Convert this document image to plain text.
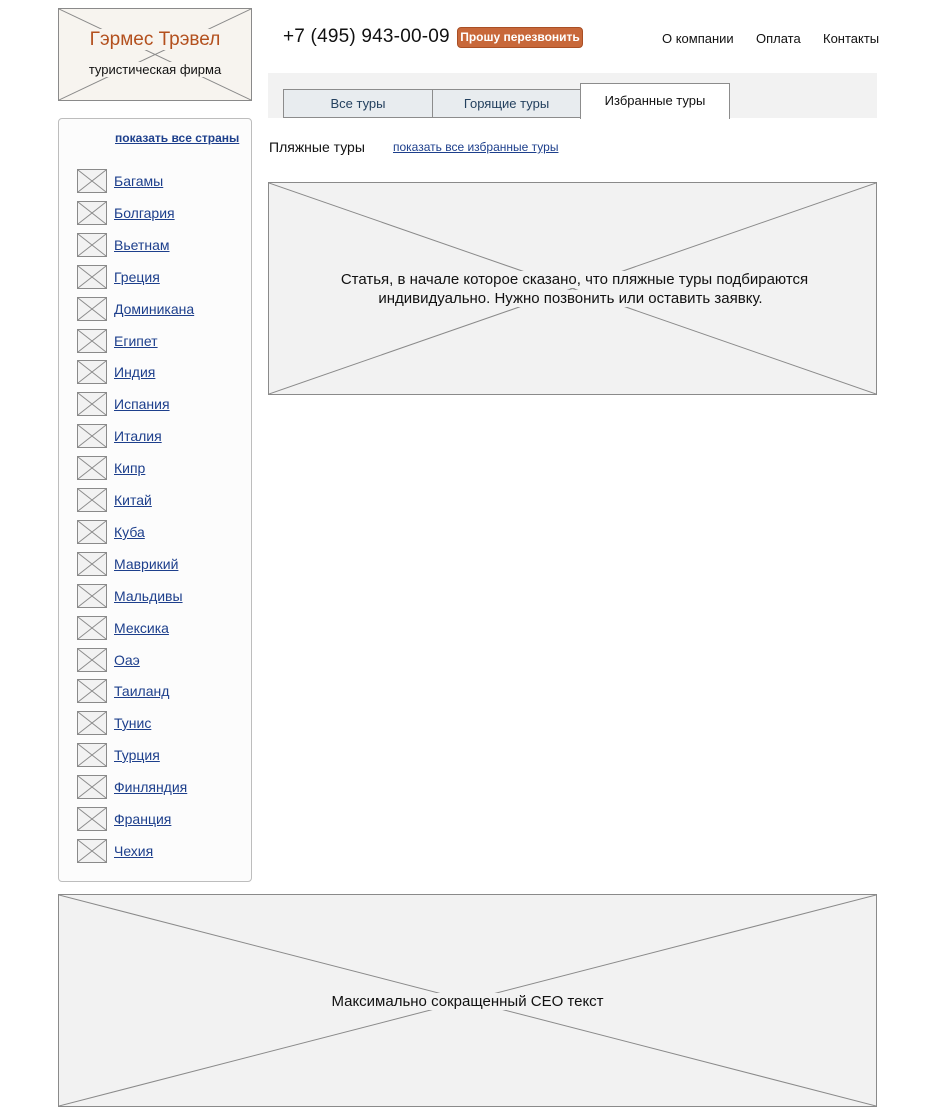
Гэрмес Трэвел
туристическая фирма
+7 (495) 943-00-09 Прошу перезвонить	О компании Оплата Контакты
Все туры	Горящие туры	Избранные туры
Пляжные туры показать все избранные туры
показать все страны
Багамы
Болгария
Вьетнам
Греция
Доминикана
Египет
Индия
Испания
Италия
Кипр
Китай
Куба
Маврикий
Мальдивы
Мексика
Оаэ
Таиланд
Тунис
Турция
Финляндия
Франция
Чехия
Статья, в начале которое сказано, что пляжные туры подбираются индивидуально. Нужно позвонить или оставить заявку.
Максимально сокращенный CEO текст
